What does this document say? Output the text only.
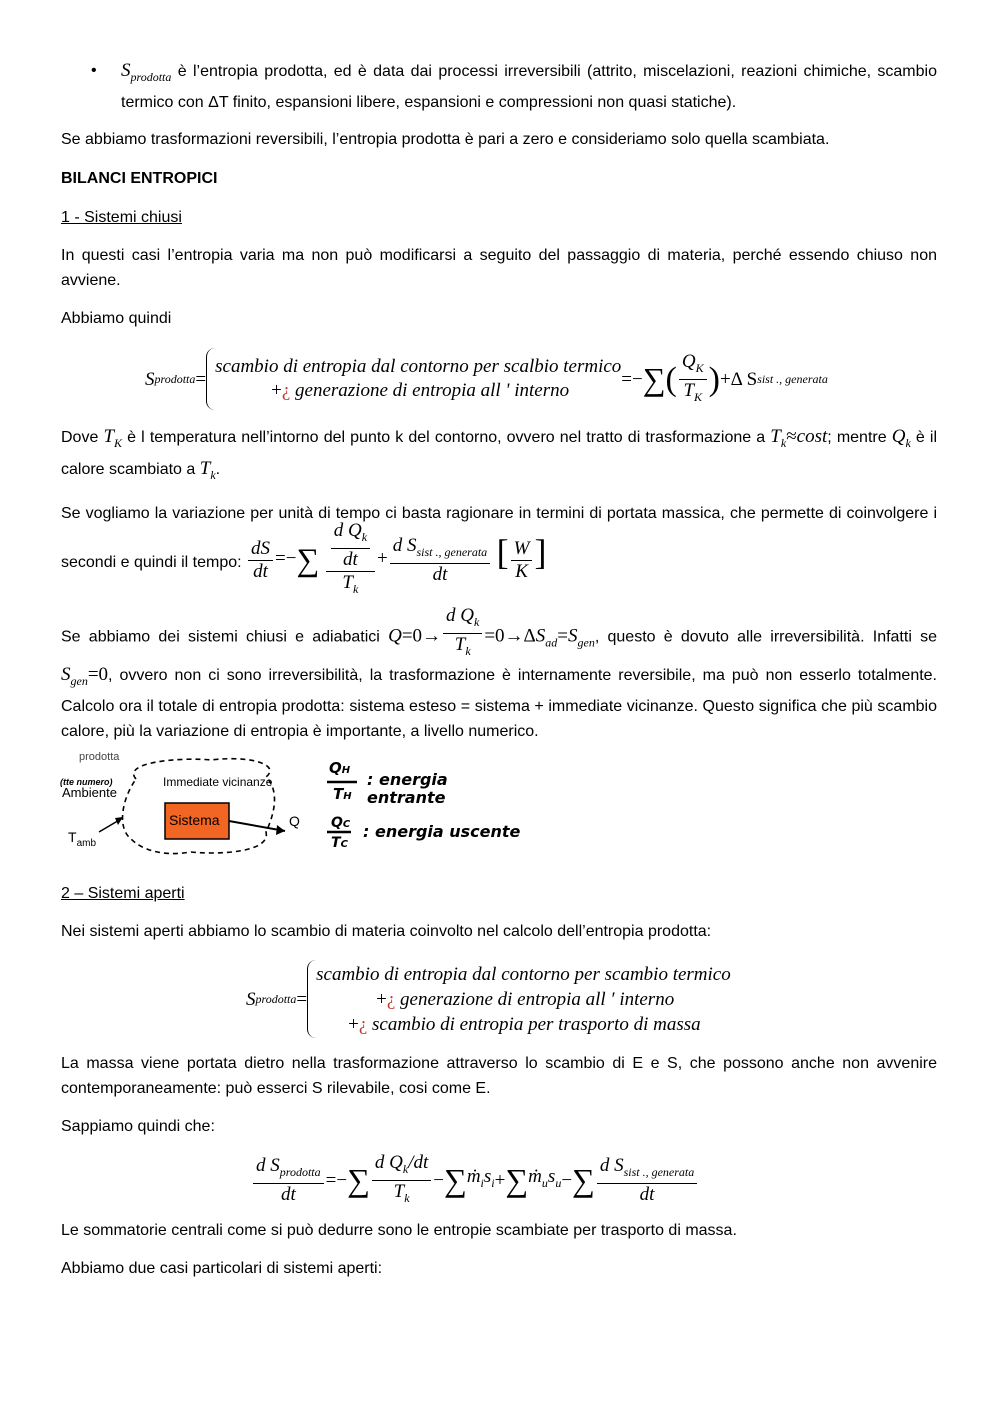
• $S_{prodotta}$ è l’entropia prodotta, ed è data dai processi irreversibili (attrito, miscelazioni, reazioni chimiche, scambio termico con ΔT finito, espansioni libere, espansioni e compressioni non quasi statiche).

Se abbiamo trasformazioni reversibili, l’entropia prodotta è pari a zero e consideriamo solo quella scambiata.

BILANCI ENTROPICI

1 - Sistemi chiusi

In questi casi l’entropia varia ma non può modificarsi a seguito del passaggio di materia, perché essendo chiuso non avviene.

Abbiamo quindi

S prodotta =
scambio di entropia dal contorno per scalbio termico
+¿ generazione di entropia all ' interno
=− ∑ ( $\frac{Q_K}{T_K}$ ) + Δ S sist ., generata

Dove $T_K$ è l temperatura nell’intorno del punto k del contorno, ovvero nel tratto di trasformazione a $T_k\approx\cos t$; mentre $Q_k$ è il calore scambiato a $T_k$.

Se vogliamo la variazione per unità di tempo ci basta ragionare in termini di portata massica, che permette di coinvolgere i secondi e quindi il tempo: $\frac{dS}{dt}$ =−∑ $\frac{\frac{d Q_k}{dt}}{T_k} + \frac{d S_{sist ., generata}}{dt}$ [ $\frac{W}{K}$ ]
Se abbiamo dei sistemi chiusi e adiabatici $Q=0\to \frac{d Q_k}{T_k} =0\to\Delta S_{ad}=S_{gen}$, questo è dovuto alle irreversibilità. Infatti se $S_{gen}=0$, ovvero non ci sono irreversibilità, la trasformazione è internamente reversibile, ma può non esserlo totalmente. Calcolo ora il totale di entropia prodotta: sistema esteso = sistema + immediate vicinanze. Questo significa che più scambio calore, più la variazione di entropia è importante, a livello numerico.
prodotta
(tte numero)
Ambiente
Immediate vicinanze
Sistema	Q
$T_{amb}$
QH
TH
: energia entrante
QC
TC
: energia uscente

2 – Sistemi aperti

Nei sistemi aperti abbiamo lo scambio di materia coinvolto nel calcolo dell’entropia prodotta:

S prodotta =
scambio di entropia dal contorno per scambio termico
+¿ generazione di entropia all ′ interno
+¿ scambio di entropia per trasporto di massa

La massa viene portata dietro nella trasformazione attraverso lo scambio di E e S, che possono anche non avvenire contemporaneamente: può esserci S rilevabile, cosi come E.

Sappiamo quindi che:

$\frac{d S_{prodotta}}{dt}$ =− ∑ $\frac{d Q_k/dt}{T_k}$ − ∑ $ṁ_is_i$ + ∑ $ṁ_us_u$ − ∑ $\frac{d S_{sist ., generata}}{dt}$

Le sommatorie centrali come si può dedurre sono le entropie scambiate per trasporto di massa.

Abbiamo due casi particolari di sistemi aperti:
